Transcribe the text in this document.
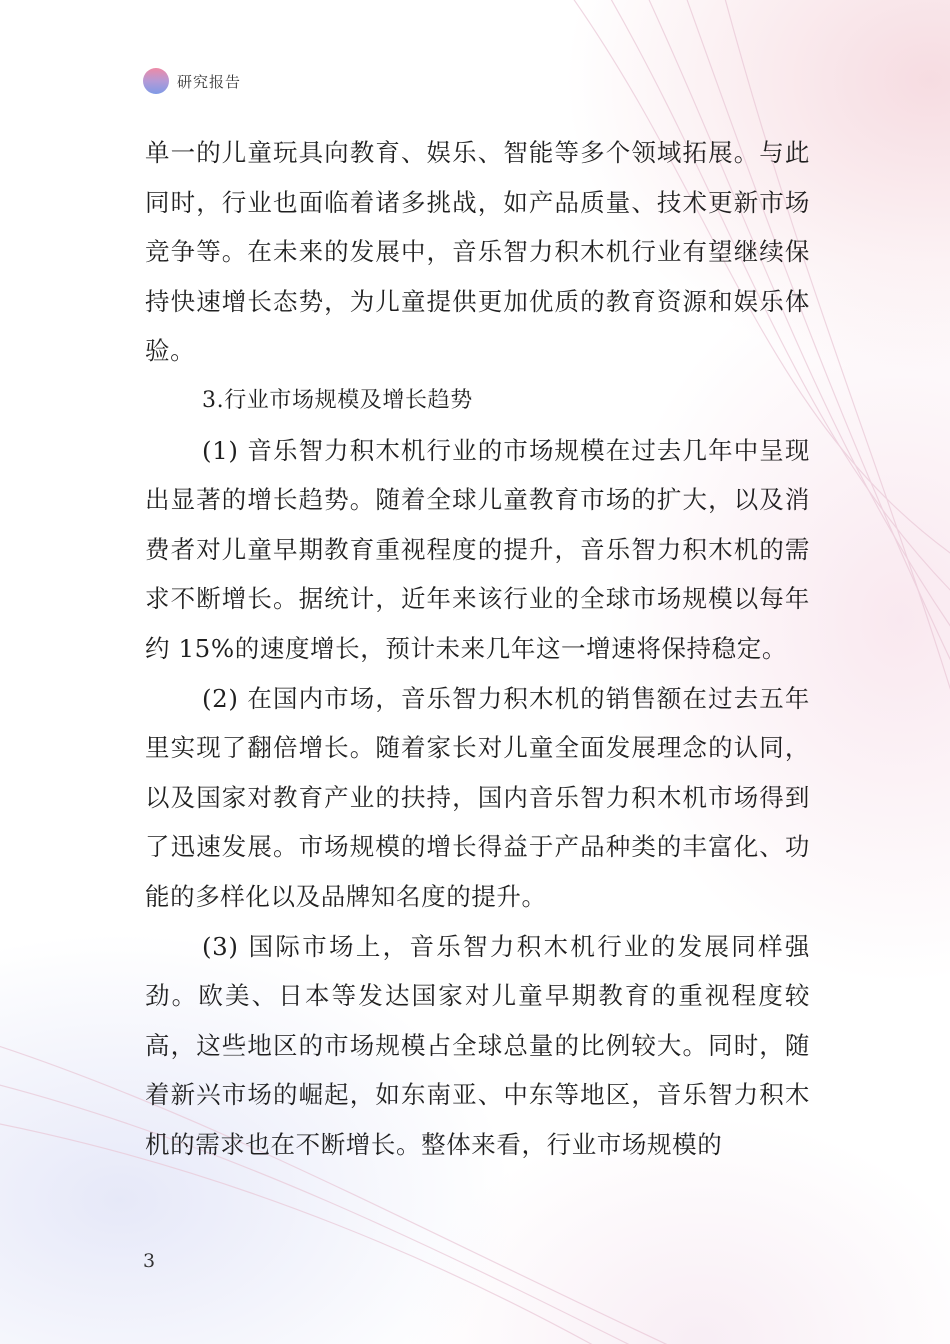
研究报告

单一的儿童玩具向教育、娱乐、智能等多个领域拓展。与此同时，行业也面临着诸多挑战，如产品质量、技术更新市场竞争等。在未来的发展中，音乐智力积木机行业有望继续保持快速增长态势，为儿童提供更加优质的教育资源和娱乐体验。

3.行业市场规模及增长趋势

(1) 音乐智力积木机行业的市场规模在过去几年中呈现出显著的增长趋势。随着全球儿童教育市场的扩大，以及消费者对儿童早期教育重视程度的提升，音乐智力积木机的需求不断增长。据统计，近年来该行业的全球市场规模以每年约 15%的速度增长，预计未来几年这一增速将保持稳定。

(2) 在国内市场，音乐智力积木机的销售额在过去五年里实现了翻倍增长。随着家长对儿童全面发展理念的认同，以及国家对教育产业的扶持，国内音乐智力积木机市场得到了迅速发展。市场规模的增长得益于产品种类的丰富化、功能的多样化以及品牌知名度的提升。

(3) 国际市场上，音乐智力积木机行业的发展同样强劲。欧美、日本等发达国家对儿童早期教育的重视程度较高，这些地区的市场规模占全球总量的比例较大。同时，随着新兴市场的崛起，如东南亚、中东等地区，音乐智力积木机的需求也在不断增长。整体来看，行业市场规模的

3
